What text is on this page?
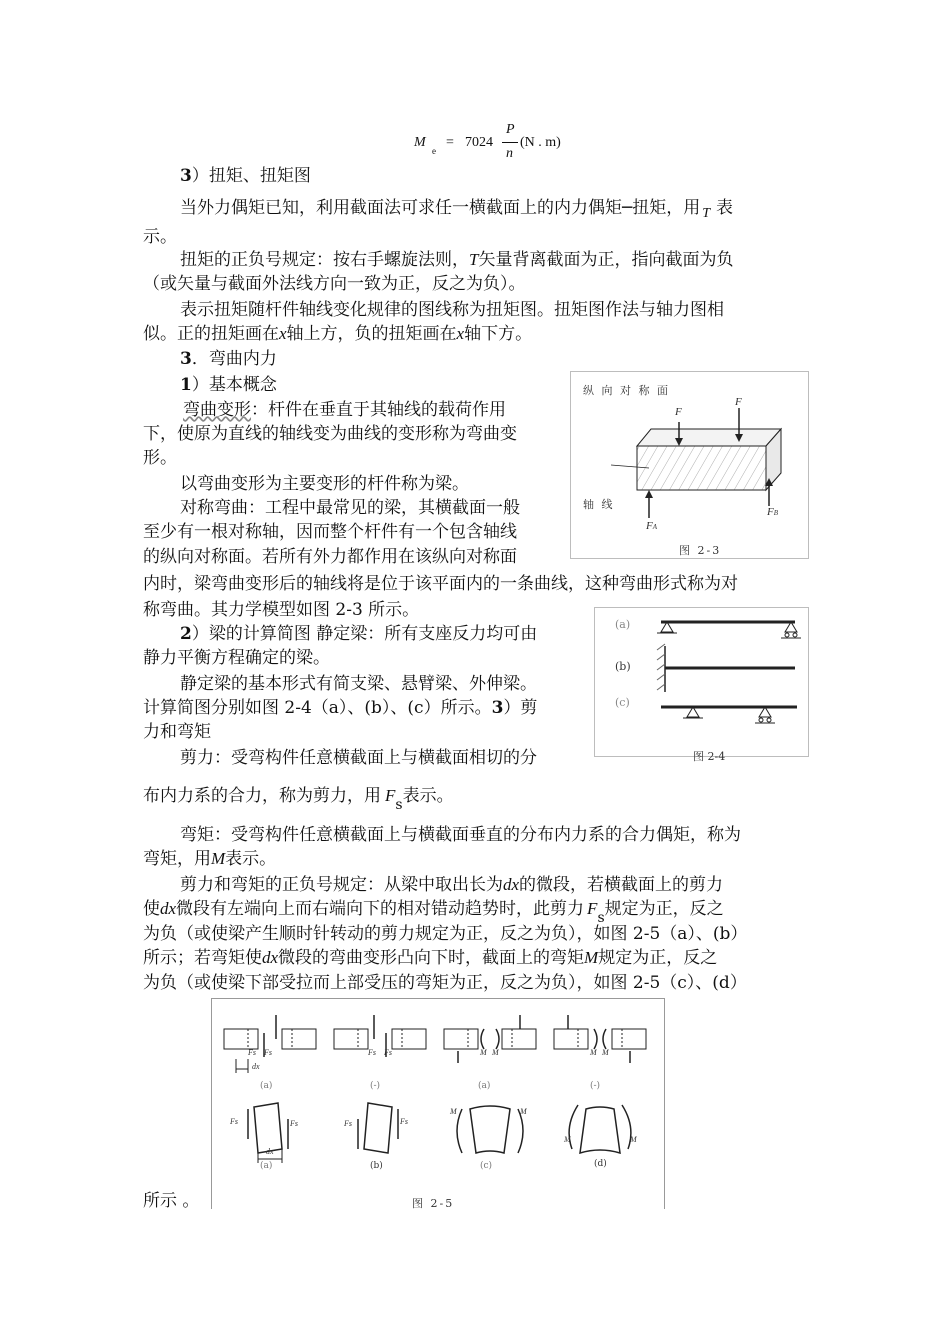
M
e
= 7024
P
n
(N . m)
3）扭矩、扭矩图
当外力偶矩已知，利用截面法可求任一横截面上的内力偶矩─扭矩，用 $_T$ 表
示。
扭矩的正负号规定：按右手螺旋法则，T矢量背离截面为正，指向截面为负
（或矢量与截面外法线方向一致为正，反之为负）。
表示扭矩随杆件轴线变化规律的图线称为扭矩图。扭矩图作法与轴力图相
似。正的扭矩画在x轴上方，负的扭矩画在x轴下方。
3．弯曲内力
1）基本概念
弯曲变形：杆件在垂直于其轴线的载荷作用
下，使原为直线的轴线变为曲线的变形称为弯曲变
形。
以弯曲变形为主要变形的杆件称为梁。
对称弯曲：工程中最常见的梁，其横截面一般
至少有一根对称轴，因而整个杆件有一个包含轴线
的纵向对称面。若所有外力都作用在该纵向对称面
内时，梁弯曲变形后的轴线将是位于该平面内的一条曲线，这种弯曲形式称为对
称弯曲。其力学模型如图 2-3 所示。
2）梁的计算简图 静定梁：所有支座反力均可由
静力平衡方程确定的梁。
静定梁的基本形式有简支梁、悬臂梁、外伸梁。
计算简图分别如图 2-4（a）、(b）、(c）所示。3）剪
力和弯矩
剪力：受弯构件任意横截面上与横截面相切的分
布内力系的合力，称为剪力，用 $F_s$表示。
弯矩：受弯构件任意横截面上与横截面垂直的分布内力系的合力偶矩，称为
弯矩，用M表示。
剪力和弯矩的正负号规定：从梁中取出长为dx的微段，若横截面上的剪力
使dx微段有左端向上而右端向下的相对错动趋势时，此剪力 $F_s$规定为正，反之
为负（或使梁产生顺时针转动的剪力规定为正，反之为负），如图 2-5（a）、(b）
所示；若弯矩使dx微段的弯曲变形凸向下时，截面上的弯矩M规定为正，反之
为负（或使梁下部受拉而上部受压的弯矩为正，反之为负），如图 2-5（c）、(d）
所示 。
纵 向 对 称 面
轴 线
F
F
FA
FB
图 2-3
(a)
(b)
(c)
图 2-4
Fs Fs
dx
(a)
Fs Fs
(-)
M M
(a)
M M
(-)
Fs	Fs
dx
(a)
Fs	Fs
(b)
M	M
(c)
M	M
(d)
图 2-5
